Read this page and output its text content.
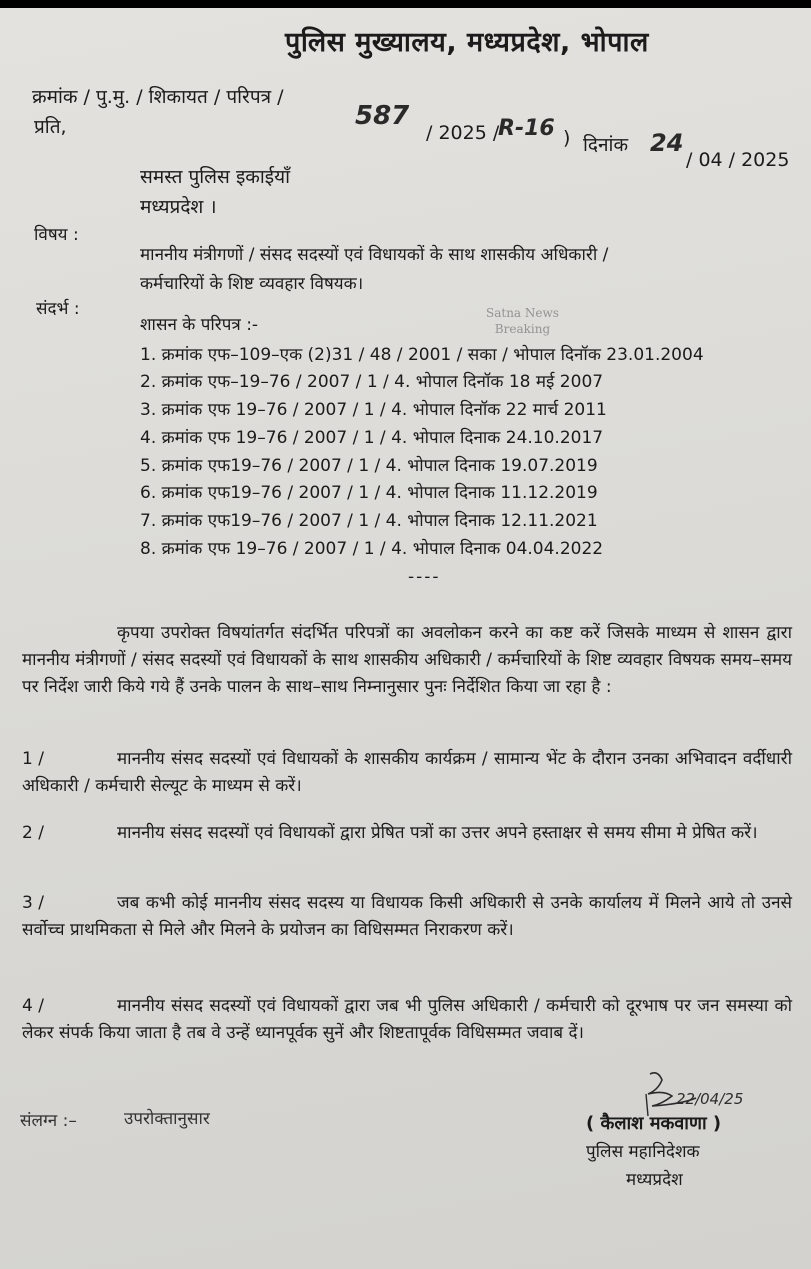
पुलिस मुख्यालय, मध्यप्रदेश, भोपाल
क्रमांक / पु.मु. / शिकायत / परिपत्र /
587
/ 2025 /
R-16 ) दिनांक 24
/ 04 / 2025
प्रति,
समस्त पुलिस इकाईयाँ
मध्यप्रदेश ।
विषय :
माननीय मंत्रीगणों / संसद सदस्यों एवं विधायकों के साथ शासकीय अधिकारी /
कर्मचारियों के शिष्ट व्यवहार विषयक।
संदर्भ :
शासन के परिपत्र :-
Satna News
Breaking
1. क्रमांक एफ–109–एक (2)31 / 48 / 2001 / सका / भोपाल दिनॉक 23.01.2004
2. क्रमांक एफ–19–76 / 2007 / 1 / 4. भोपाल दिनॉक 18 मई 2007
3. क्रमांक एफ 19–76 / 2007 / 1 / 4. भोपाल दिनॉक 22 मार्च 2011
4. क्रमांक एफ 19–76 / 2007 / 1 / 4. भोपाल दिनाक 24.10.2017
5. क्रमांक एफ19–76 / 2007 / 1 / 4. भोपाल दिनाक 19.07.2019
6. क्रमांक एफ19–76 / 2007 / 1 / 4. भोपाल दिनाक 11.12.2019
7. क्रमांक एफ19–76 / 2007 / 1 / 4. भोपाल दिनाक 12.11.2021
8. क्रमांक एफ 19–76 / 2007 / 1 / 4. भोपाल दिनाक 04.04.2022
----
कृपया उपरोक्त विषयांतर्गत संदर्भित परिपत्रों का अवलोकन करने का कष्ट करें जिसके माध्यम से शासन द्वारा माननीय मंत्रीगणों / संसद सदस्यों एवं विधायकों के साथ शासकीय अधिकारी / कर्मचारियों के शिष्ट व्यवहार विषयक समय–समय पर निर्देश जारी किये गये हैं उनके पालन के साथ–साथ निम्नानुसार पुनः निर्देशित किया जा रहा है :
1 /	माननीय संसद सदस्यों एवं विधायकों के शासकीय कार्यक्रम / सामान्य भेंट के दौरान उनका अभिवादन वर्दीधारी अधिकारी / कर्मचारी सेल्यूट के माध्यम से करें।
2 /	माननीय संसद सदस्यों एवं विधायकों द्वारा प्रेषित पत्रों का उत्तर अपने हस्ताक्षर से समय सीमा मे प्रेषित करें।
3 /	जब कभी कोई माननीय संसद सदस्य या विधायक किसी अधिकारी से उनके कार्यालय में मिलने आये तो उनसे सर्वोच्च प्राथमिकता से मिले और मिलने के प्रयोजन का विधिसम्मत निराकरण करें।
4 /	माननीय संसद सदस्यों एवं विधायकों द्वारा जब भी पुलिस अधिकारी / कर्मचारी को दूरभाष पर जन समस्या को लेकर संपर्क किया जाता है तब वे उन्हें ध्यानपूर्वक सुनें और शिष्टतापूर्वक विधिसम्मत जवाब दें।
संलग्न :–	उपरोक्तानुसार
22/04/25
( कैलाश मकवाणा )
पुलिस महानिदेशक
मध्यप्रदेश
